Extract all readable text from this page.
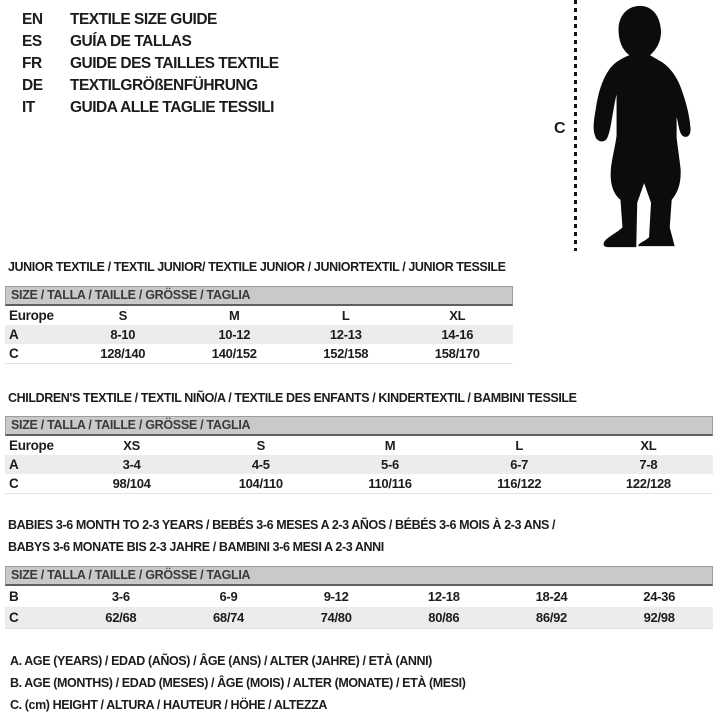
EN	TEXTILE SIZE GUIDE
ES	GUÍA DE TALLAS
FR	GUIDE DES TAILLES TEXTILE
DE	TEXTILGRÖßENFÜHRUNG
IT	GUIDA ALLE TAGLIE TESSILI
C
JUNIOR TEXTILE / TEXTIL JUNIOR/ TEXTILE JUNIOR / JUNIORTEXTIL / JUNIOR TESSILE
SIZE / TALLA / TAILLE / GRÖSSE / TAGLIA
Europe	S	M	L	XL
A	8-10	10-12	12-13	14-16
C	128/140	140/152	152/158	158/170
CHILDREN'S TEXTILE / TEXTIL NIÑO/A / TEXTILE DES ENFANTS / KINDERTEXTIL / BAMBINI TESSILE
SIZE / TALLA / TAILLE / GRÖSSE / TAGLIA
Europe	XS	S	M	L	XL
A	3-4	4-5	5-6	6-7	7-8
C	98/104	104/110	110/116	116/122	122/128
BABIES 3-6 MONTH TO 2-3 YEARS / BEBÉS 3-6 MESES A 2-3 AÑOS / BÉBÉS 3-6 MOIS À 2-3 ANS /
BABYS 3-6 MONATE BIS 2-3 JAHRE / BAMBINI 3-6 MESI A 2-3 ANNI
SIZE / TALLA / TAILLE / GRÖSSE / TAGLIA
B	3-6	6-9	9-12	12-18	18-24	24-36
C	62/68	68/74	74/80	80/86	86/92	92/98
A. AGE (YEARS) / EDAD (AÑOS) / ÂGE (ANS) / ALTER (JAHRE) / ETÀ (ANNI)
B. AGE (MONTHS) / EDAD (MESES) / ÂGE (MOIS) / ALTER (MONATE) / ETÀ (MESI)
C. (cm) HEIGHT / ALTURA / HAUTEUR / HÖHE / ALTEZZA
